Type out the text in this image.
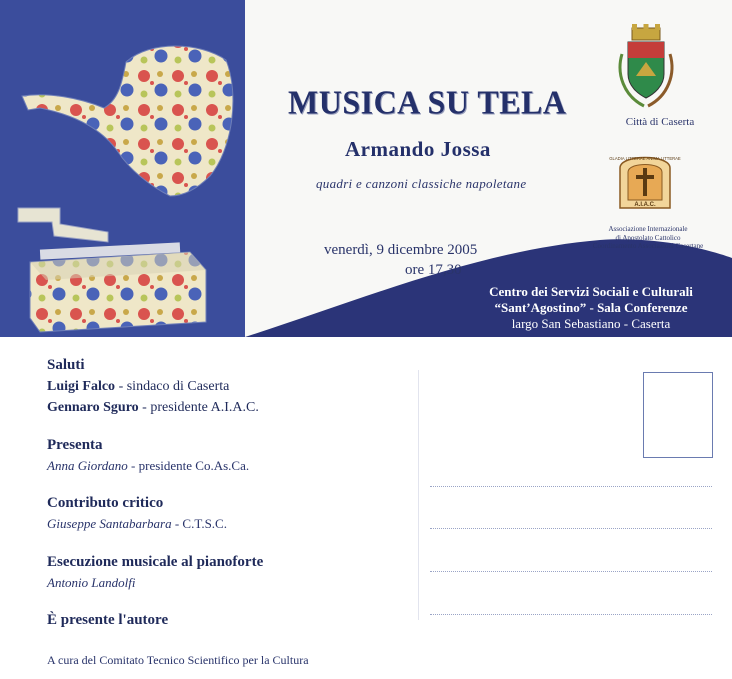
MUSICA SU TELA
Armando Jossa
quadri e canzoni classiche napoletane
venerdì, 9 dicembre 2005
ore 17,30
Centro dei Servizi Sociali e Culturali
“Sant’Agostino” - Sala Conferenze
largo San Sebastiano - Caserta
Città di Caserta
GLADIA LITTERAE ANIMA LITTERAE
A.I.A.C.
Associazione Internazionale
di Apostolato Cattolico
Coordinamento Associazioni Casertane
Saluti
Luigi Falco - sindaco di Caserta
Gennaro Sguro - presidente A.I.A.C.
Presenta
Anna Giordano - presidente Co.As.Ca.
Contributo critico
Giuseppe Santabarbara - C.T.S.C.
Esecuzione musicale al pianoforte
Antonio Landolfi
È presente l'autore
A cura del Comitato Tecnico Scientifico per la Cultura
